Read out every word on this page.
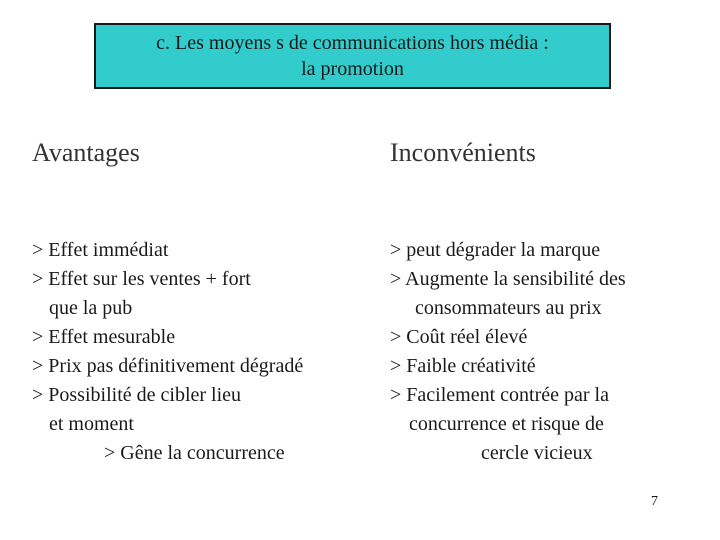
c. Les moyens s de communications hors média :
la promotion
Avantages	Inconvénients
> Effet immédiat
> Effet sur les ventes + fort
que la pub
> Effet mesurable
> Prix pas définitivement dégradé
> Possibilité de cibler lieu
et moment
> Gêne la concurrence
> peut dégrader la marque
> Augmente la sensibilité des
consommateurs au prix
> Coût réel élevé
> Faible créativité
> Facilement contrée par la
concurrence et risque de
cercle vicieux
7
